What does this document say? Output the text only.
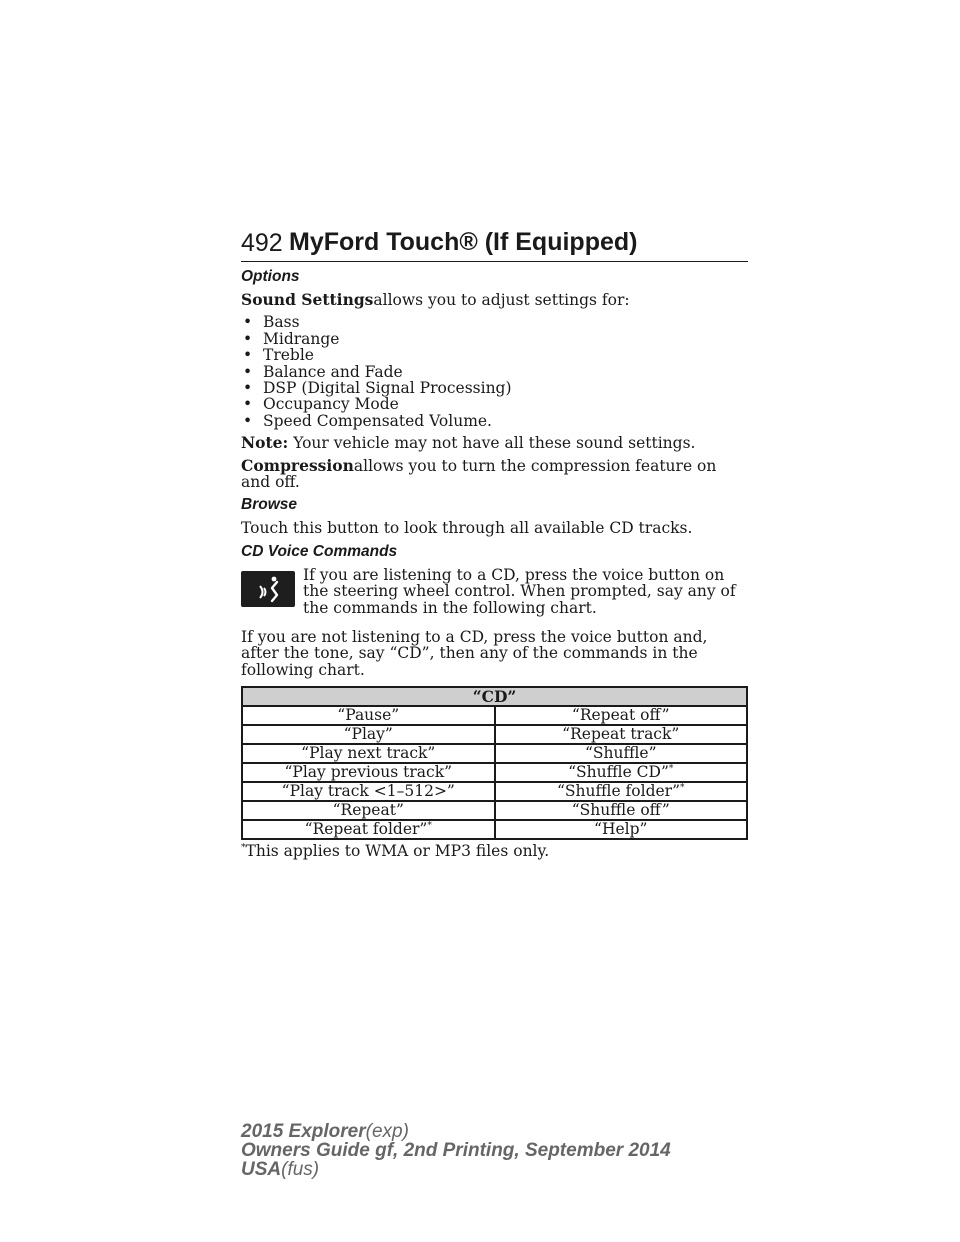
492 MyFord Touch® (If Equipped)
Options

Sound Settingsallows you to adjust settings for:

• Bass
• Midrange
• Treble
• Balance and Fade
• DSP (Digital Signal Processing)
• Occupancy Mode
• Speed Compensated Volume.

Note: Your vehicle may not have all these sound settings.

Compressionallows you to turn the compression feature on and off.

Browse

Touch this button to look through all available CD tracks.

CD Voice Commands
If you are listening to a CD, press the voice button on the steering wheel control. When prompted, say any of the commands in the following chart.

If you are not listening to a CD, press the voice button and, after the tone, say “CD”, then any of the commands in the following chart.

“CD”	
“Pause”	“Repeat off”
“Play”	“Repeat track”
“Play next track”	“Shuffle”
“Play previous track”	“Shuffle CD”*
“Play track <1–512>”	“Shuffle folder”*
“Repeat”	“Shuffle off”
“Repeat folder”*	“Help”

*This applies to WMA or MP3 files only.

2015 Explorer(exp)
Owners Guide gf, 2nd Printing, September 2014
USA(fus)
